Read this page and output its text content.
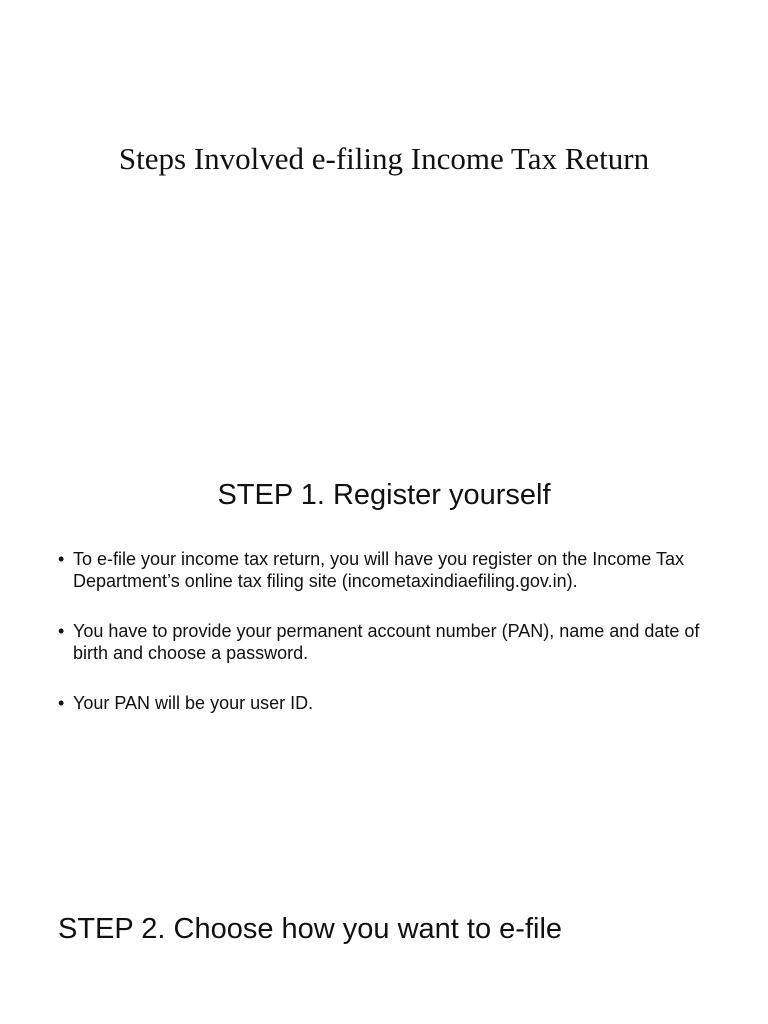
Steps Involved e-filing Income Tax Return
STEP 1. Register yourself
• To e-file your income tax return, you will have you register on the Income Tax Department’s online tax filing site (incometaxindiaefiling.gov.in).
• You have to provide your permanent account number (PAN), name and date of birth and choose a password.
• Your PAN will be your user ID.
STEP 2. Choose how you want to e-file
